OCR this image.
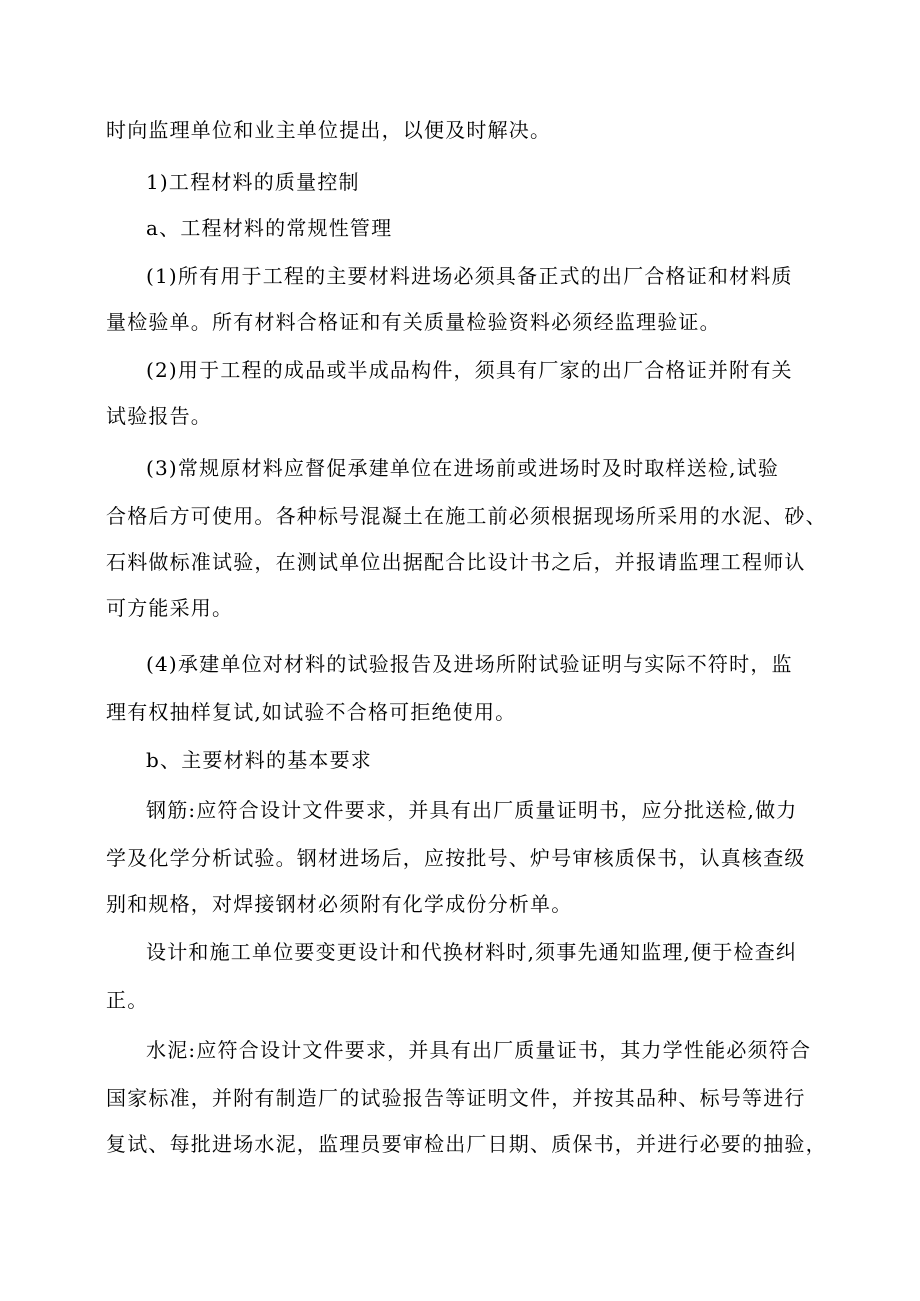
时向监理单位和业主单位提出，以便及时解决。
1)工程材料的质量控制
a、工程材料的常规性管理
(1)所有用于工程的主要材料进场必须具备正式的出厂合格证和材料质
量检验单。所有材料合格证和有关质量检验资料必须经监理验证。
(2)用于工程的成品或半成品构件，须具有厂家的出厂合格证并附有关
试验报告。
(3)常规原材料应督促承建单位在进场前或进场时及时取样送检,试验
合格后方可使用。各种标号混凝土在施工前必须根据现场所采用的水泥、砂、
石料做标准试验，在测试单位出据配合比设计书之后，并报请监理工程师认
可方能采用。
(4)承建单位对材料的试验报告及进场所附试验证明与实际不符时，监
理有权抽样复试,如试验不合格可拒绝使用。
b、主要材料的基本要求
钢筋:应符合设计文件要求，并具有出厂质量证明书，应分批送检,做力
学及化学分析试验。钢材进场后，应按批号、炉号审核质保书，认真核查级
别和规格，对焊接钢材必须附有化学成份分析单。
设计和施工单位要变更设计和代换材料时,须事先通知监理,便于检查纠
正。
水泥:应符合设计文件要求，并具有出厂质量证书，其力学性能必须符合
国家标准，并附有制造厂的试验报告等证明文件，并按其品种、标号等进行
复试、每批进场水泥，监理员要审检出厂日期、质保书，并进行必要的抽验，
